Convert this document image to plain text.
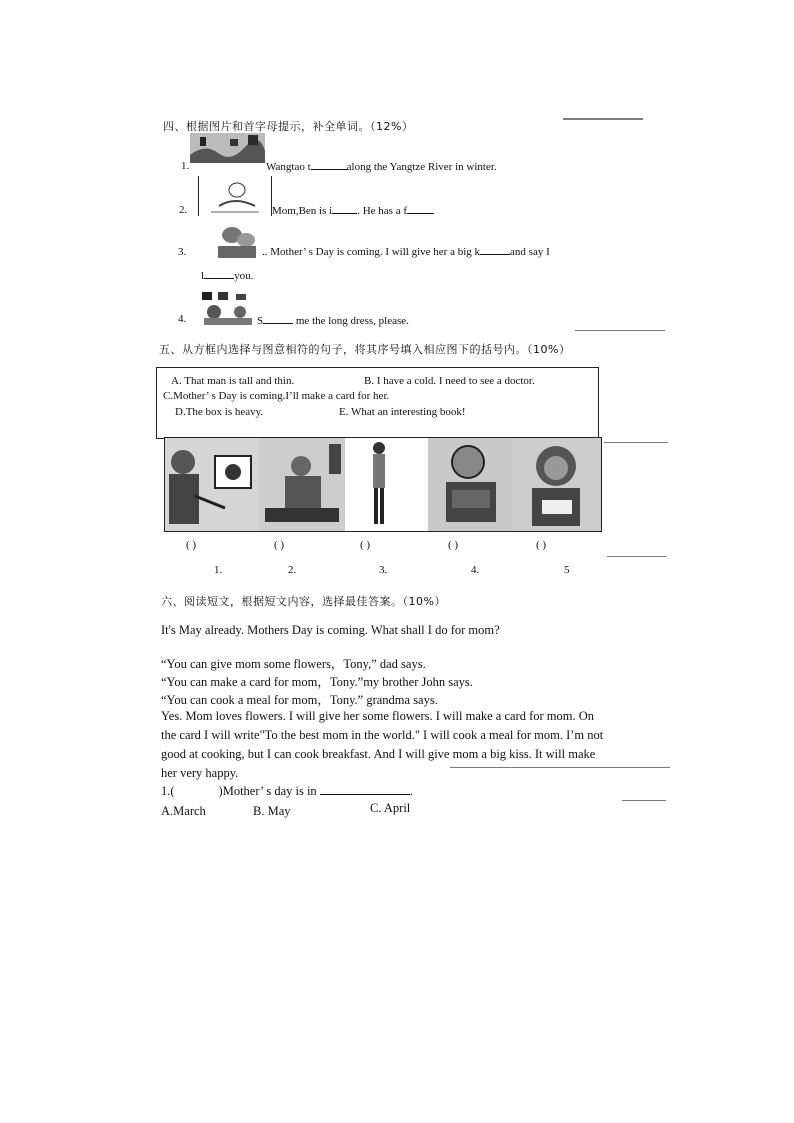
四、根据图片和首字母提示，补全单词。（12%）
1.	Wangtao t	along the Yangtze River in winter.
2.	Mom,Ben is i . He has a f
3.	.. Mother’ s Day is coming. I will give her a big k	and say I
l	you.
4.	S	me the long dress, please.
五、从方框内选择与图意相符的句子，将其序号填入相应图下的括号内。（10%）
A. That man is tall and thin.	B. I have a cold. I need to see a doctor.
C.Mother’ s Day is coming.I’ll make a card for her.
D.The box is heavy.	E. What an interesting book!
( )	( )	( )	( )	( )
1.	2.	3.	4.	5
六、阅读短文，根据短文内容，选择最佳答案。（10%）
It's May already. Mothers Day is coming. What shall I do for mom?
“You can give mom some flowers，Tony,” dad says.
“You can make a card for mom，Tony.”my brother John says.
“You can cook a meal for mom，Tony.” grandma says.
Yes. Mom loves flowers. I will give her some flowers. I will make a card for mom. On
the card I will write"To the best mom in the world." I will cook a meal for mom. I’m not
good at cooking, but I can cook breakfast. And I will give mom a big kiss. It will make
her very happy.
1.(	)Mother’ s day is in	.
A.March	B. May	C. April
